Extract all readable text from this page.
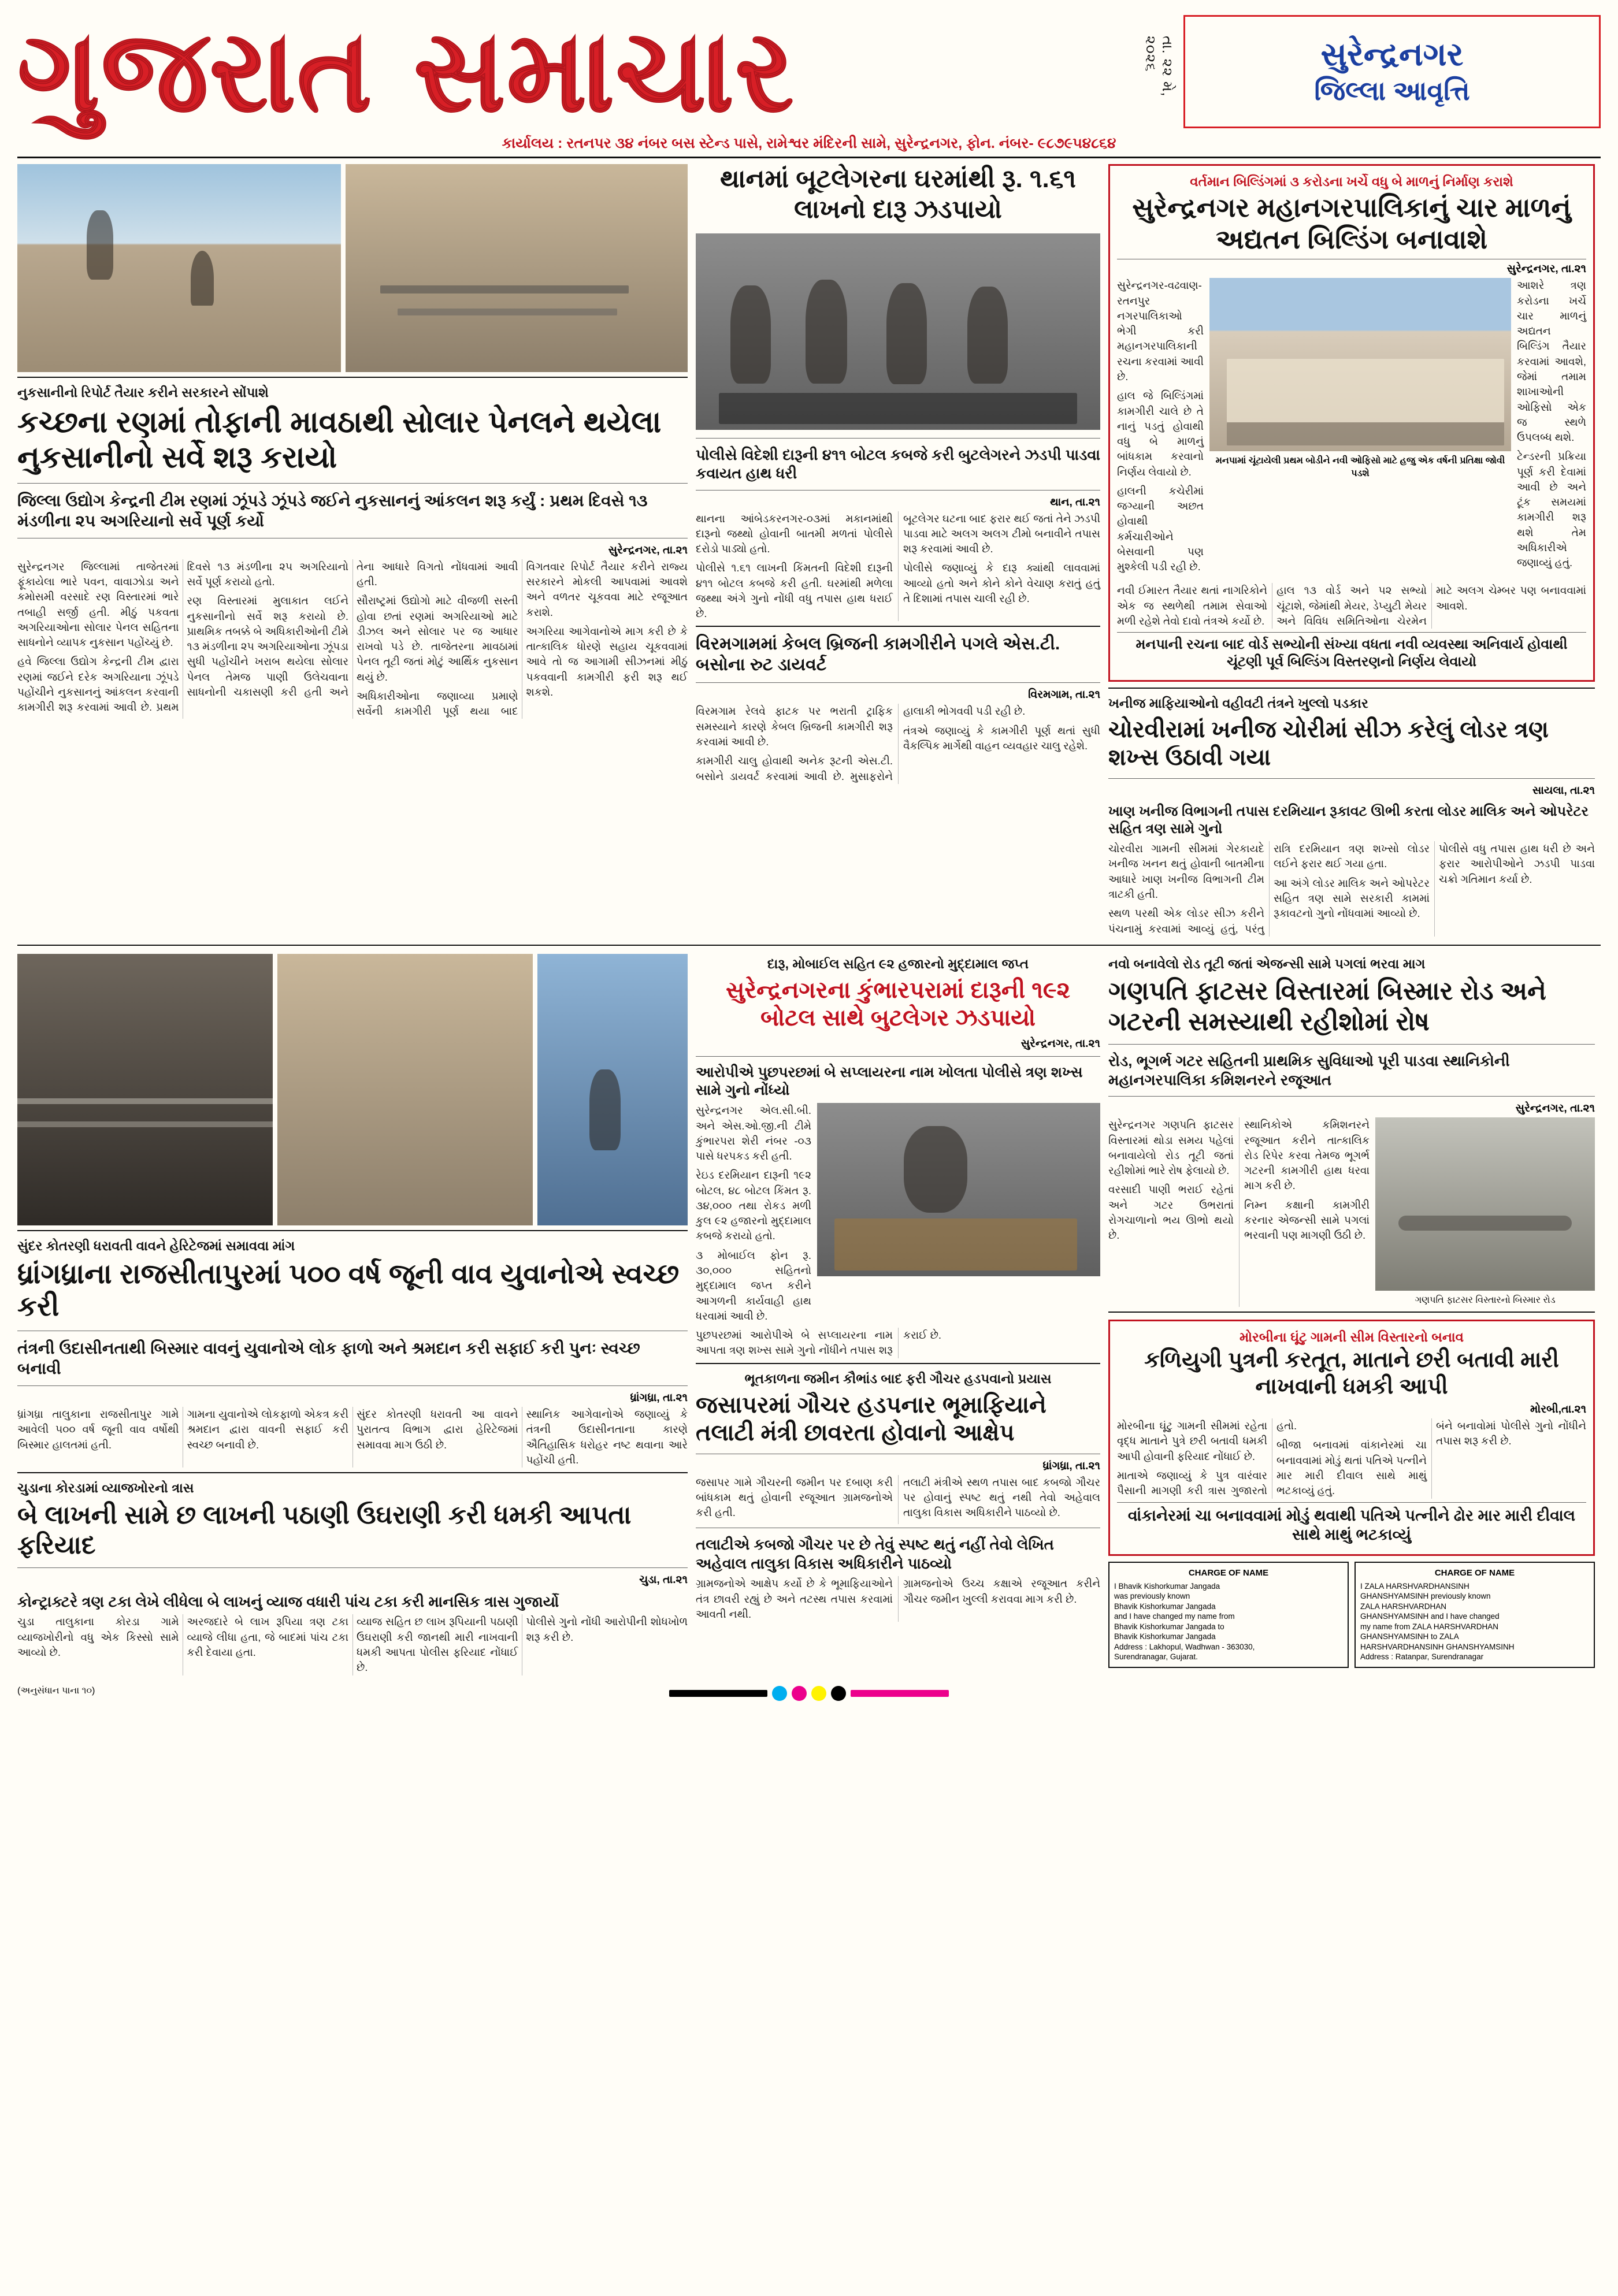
ગુજરાત સમાચાર	તા. ૨૨ મે, ૨૦૨૬	સુરેન્દ્રનગર
જિલ્લા આવૃત્તિ
કાર્યાલય : રતનપર ૩૪ નંબર બસ સ્ટેન્ડ પાસે, રામેશ્વર મંદિરની સામે, સુરેન્દ્રનગર, ફોન. નંબર- ૯૮૭૯૫૪૮૬૪
નુકસાનીનો રિપોર્ટ તૈયાર કરીને સરકારને સોંપાશે
કચ્છના રણમાં તોફાની માવઠાથી સોલાર પેનલને થયેલા નુકસાનીનો સર્વે શરૂ કરાયો
જિલ્લા ઉદ્યોગ કેન્દ્રની ટીમ રણમાં ઝૂંપડે ઝૂંપડે જઈને નુકસાનનું આંકલન શરૂ કર્યું : પ્રથમ દિવસે ૧૩ મંડળીના ૨૫ અગરિયાનો સર્વે પૂર્ણ કર્યો
સુરેન્દ્રનગર, તા.૨૧

સુરેન્દ્રનગર જિલ્લામાં તાજેતરમાં ફૂંકાયેલા ભારે પવન, વાવાઝોડા અને કમોસમી વરસાદે રણ વિસ્તારમાં ભારે તબાહી સર્જી હતી. મીઠું પકવતા અગરિયાઓના સોલાર પેનલ સહિતના સાધનોને વ્યાપક નુકસાન પહોંચ્યું છે.

હવે જિલ્લા ઉદ્યોગ કેન્દ્રની ટીમ દ્વારા રણમાં જઈને દરેક અગરિયાના ઝૂંપડે પહોંચીને નુકસાનનું આંકલન કરવાની કામગીરી શરૂ કરવામાં આવી છે. પ્રથમ દિવસે ૧૩ મંડળીના ૨૫ અગરિયાનો સર્વે પૂર્ણ કરાયો હતો.

રણ વિસ્તારમાં મુલાકાત લઈને નુકસાનીનો સર્વે શરૂ કરાયો છે. પ્રાથમિક તબક્કે બે અધિકારીઓની ટીમે ૧૩ મંડળીના ૨૫ અગરિયાઓના ઝૂંપડા સુધી પહોંચીને ખરાબ થયેલા સોલાર પેનલ તેમજ પાણી ઉલેચવાના સાધનોની ચકાસણી કરી હતી અને તેના આધારે વિગતો નોંધવામાં આવી હતી.

સૌરાષ્ટ્રમાં ઉદ્યોગો માટે વીજળી સસ્તી હોવા છતાં રણમાં અગરિયાઓ માટે ડીઝલ અને સોલાર પર જ આધાર રાખવો પડે છે. તાજેતરના માવઠામાં પેનલ તૂટી જતાં મોટું આર્થિક નુકસાન થયું છે.

અધિકારીઓના જણાવ્યા પ્રમાણે સર્વેની કામગીરી પૂર્ણ થયા બાદ વિગતવાર રિપોર્ટ તૈયાર કરીને રાજ્ય સરકારને મોકલી આપવામાં આવશે અને વળતર ચૂકવવા માટે રજૂઆત કરાશે.

અગરિયા આગેવાનોએ માગ કરી છે કે તાત્કાલિક ધોરણે સહાય ચૂકવવામાં આવે તો જ આગામી સીઝનમાં મીઠું પકવવાની કામગીરી ફરી શરૂ થઈ શકશે.

થાનમાં બૂટલેગરના ઘરમાંથી રૂ. ૧.૬૧ લાખનો દારૂ ઝડપાયો
પોલીસે વિદેશી દારૂની ૪૧૧ બોટલ કબજે કરી બુટલેગરને ઝડપી પાડવા કવાયત હાથ ધરી
થાન, તા.૨૧

થાનના આંબેડકરનગર-૦૩માં મકાનમાંથી દારૂનો જથ્થો હોવાની બાતમી મળતાં પોલીસે દરોડો પાડ્યો હતો.

પોલીસે ૧.૬૧ લાખની કિંમતની વિદેશી દારૂની ૪૧૧ બોટલ કબજે કરી હતી. ઘરમાંથી મળેલા જથ્થા અંગે ગુનો નોંધી વધુ તપાસ હાથ ધરાઈ છે.

બૂટલેગર ઘટના બાદ ફરાર થઈ જતાં તેને ઝડપી પાડવા માટે અલગ અલગ ટીમો બનાવીને તપાસ શરૂ કરવામાં આવી છે.

પોલીસે જણાવ્યું કે દારૂ ક્યાંથી લાવવામાં આવ્યો હતો અને કોને કોને વેચાણ કરાતું હતું તે દિશામાં તપાસ ચાલી રહી છે.

વિરમગામમાં કેબલ બ્રિજની કામગીરીને પગલે એસ.ટી. બસોના રુટ ડાયવર્ટ
વિરમગામ, તા.૨૧

વિરમગામ રેલવે ફાટક પર ભરાતી ટ્રાફિક સમસ્યાને કારણે કેબલ બ્રિજની કામગીરી શરૂ કરવામાં આવી છે.

કામગીરી ચાલુ હોવાથી અનેક રૂટની એસ.ટી. બસોને ડાયવર્ટ કરવામાં આવી છે. મુસાફરોને હાલાકી ભોગવવી પડી રહી છે.

તંત્રએ જણાવ્યું કે કામગીરી પૂર્ણ થતાં સુધી વૈકલ્પિક માર્ગેથી વાહન વ્યવહાર ચાલુ રહેશે.

વર્તમાન બિલ્ડિંગમાં ૩ કરોડના ખર્ચે વધુ બે માળનું નિર્માણ કરાશે
સુરેન્દ્રનગર મહાનગરપાલિકાનું ચાર માળનું અદ્યતન બિલ્ડિંગ બનાવાશે
સુરેન્દ્રનગર, તા.૨૧

સુરેન્દ્રનગર-વઢવાણ-રતનપુર નગરપાલિકાઓ ભેગી કરી મહાનગરપાલિકાની રચના કરવામાં આવી છે.

હાલ જે બિલ્ડિંગમાં કામગીરી ચાલે છે તે નાનું પડતું હોવાથી વધુ બે માળનું બાંધકામ કરવાનો નિર્ણય લેવાયો છે.

હાલની કચેરીમાં જગ્યાની અછત હોવાથી કર્મચારીઓને બેસવાની પણ મુશ્કેલી પડી રહી છે.

મનપામાં ચૂંટાયેલી પ્રથમ બોડીને નવી ઓફિસો માટે હજુ એક વર્ષની પ્રતિક્ષા જોવી પડશે

આશરે ત્રણ કરોડના ખર્ચે ચાર માળનું અદ્યતન બિલ્ડિંગ તૈયાર કરવામાં આવશે, જેમાં તમામ શાખાઓની ઓફિસો એક જ સ્થળે ઉપલબ્ધ થશે.

ટેન્ડરની પ્રક્રિયા પૂર્ણ કરી દેવામાં આવી છે અને ટૂંક સમયમાં કામગીરી શરૂ થશે તેમ અધિકારીએ જણાવ્યું હતું.

નવી ઈમારત તૈયાર થતાં નાગરિકોને એક જ સ્થળેથી તમામ સેવાઓ મળી રહેશે તેવો દાવો તંત્રએ કર્યો છે.

હાલ ૧૩ વોર્ડ અને ૫૨ સભ્યો ચૂંટાશે, જેમાંથી મેયર, ડેપ્યુટી મેયર અને વિવિધ સમિતિઓના ચેરમેન માટે અલગ ચેમ્બર પણ બનાવવામાં આવશે.

મનપાની રચના બાદ વોર્ડ સભ્યોની સંખ્યા વધતા નવી વ્યવસ્થા અનિવાર્ય હોવાથી ચૂંટણી પૂર્વ બિલ્ડિંગ વિસ્તરણનો નિર્ણય લેવાયો
ખનીજ માફિયાઓનો વહીવટી તંત્રને ખુલ્લો પડકાર
ચોરવીરામાં ખનીજ ચોરીમાં સીઝ કરેલું લોડર ત્રણ શખ્સ ઉઠાવી ગયા
સાયલા, તા.૨૧
ખાણ ખનીજ વિભાગની તપાસ દરમિયાન રૂકાવટ ઊભી કરતા લોડર માલિક અને ઓપરેટર સહિત ત્રણ સામે ગુનો

ચોરવીરા ગામની સીમમાં ગેરકાયદે ખનીજ ખનન થતું હોવાની બાતમીના આધારે ખાણ ખનીજ વિભાગની ટીમ ત્રાટકી હતી.

સ્થળ પરથી એક લોડર સીઝ કરીને પંચનામું કરવામાં આવ્યું હતું, પરંતુ રાત્રિ દરમિયાન ત્રણ શખ્સો લોડર લઈને ફરાર થઈ ગયા હતા.

આ અંગે લોડર માલિક અને ઓપરેટર સહિત ત્રણ સામે સરકારી કામમાં રૂકાવટનો ગુનો નોંધવામાં આવ્યો છે.

પોલીસે વધુ તપાસ હાથ ધરી છે અને ફરાર આરોપીઓને ઝડપી પાડવા ચક્રો ગતિમાન કર્યા છે.

સુંદર કોતરણી ધરાવતી વાવને હેરિટેજમાં સમાવવા માંગ
ધ્રાંગધ્રાના રાજસીતાપુરમાં ૫૦૦ વર્ષ જૂની વાવ યુવાનોએ સ્વચ્છ કરી
તંત્રની ઉદાસીનતાથી બિસ્માર વાવનું યુવાનોએ લોક ફાળો અને શ્રમદાન કરી સફાઈ કરી પુનઃ સ્વચ્છ બનાવી
ધ્રાંગધ્રા, તા.૨૧

ધ્રાંગધ્રા તાલુકાના રાજસીતાપુર ગામે આવેલી ૫૦૦ વર્ષ જૂની વાવ વર્ષોથી બિસ્માર હાલતમાં હતી.

ગામના યુવાનોએ લોકફાળો એકત્ર કરી શ્રમદાન દ્વારા વાવની સફાઈ કરી સ્વચ્છ બનાવી છે.

સુંદર કોતરણી ધરાવતી આ વાવને પુરાતત્વ વિભાગ દ્વારા હેરિટેજમાં સમાવવા માગ ઉઠી છે.

સ્થાનિક આગેવાનોએ જણાવ્યું કે તંત્રની ઉદાસીનતાના કારણે ઐતિહાસિક ધરોહર નષ્ટ થવાના આરે પહોંચી હતી.

ચુડાના કોરડામાં વ્યાજખોરનો ત્રાસ
બે લાખની સામે છ લાખની પઠાણી ઉઘરાણી કરી ધમકી આપતા ફરિયાદ
ચુડા, તા.૨૧
કોન્ટ્રાક્ટરે ત્રણ ટકા લેખે લીધેલા બે લાખનું વ્યાજ વધારી પાંચ ટકા કરી માનસિક ત્રાસ ગુજાર્યો

ચુડા તાલુકાના કોરડા ગામે વ્યાજખોરીનો વધુ એક કિસ્સો સામે આવ્યો છે.

અરજદારે બે લાખ રૂપિયા ત્રણ ટકા વ્યાજે લીધા હતા, જે બાદમાં પાંચ ટકા કરી દેવાયા હતા.

વ્યાજ સહિત છ લાખ રૂપિયાની પઠાણી ઉઘરાણી કરી જાનથી મારી નાખવાની ધમકી આપતા પોલીસ ફરિયાદ નોંધાઈ છે.

પોલીસે ગુનો નોંધી આરોપીની શોધખોળ શરૂ કરી છે.

દારૂ, મોબાઈલ સહિત ૯૨ હજારનો મુદ્દામાલ જપ્ત
સુરેન્દ્રનગરના કુંભારપરામાં દારૂની ૧૯૨ બોટલ સાથે બુટલેગર ઝડપાયો
સુરેન્દ્રનગર, તા.૨૧
આરોપીએ પુછપરછમાં બે સપ્લાયરના નામ ખોલતા પોલીસે ત્રણ શખ્સ સામે ગુનો નોંધ્યો

સુરેન્દ્રનગર એલ.સી.બી. અને એસ.ઓ.જી.ની ટીમે કુંભારપરા શેરી નંબર -૦૩ પાસે ધરપકડ કરી હતી.

રેઇડ દરમિયાન દારૂની ૧૯૨ બોટલ, ૪૮ બોટલ કિંમત રૂ. ૩૪,૦૦૦ તથા રોકડ મળી કુલ ૯૨ હજારનો મુદ્દામાલ કબજે કરાયો હતો.

૩ મોબાઈલ ફોન રૂ. ૩૦,૦૦૦ સહિતનો મુદ્દામાલ જપ્ત કરીને આગળની કાર્યવાહી હાથ ધરવામાં આવી છે.

પુછપરછમાં આરોપીએ બે સપ્લાયરના નામ આપતા ત્રણ શખ્સ સામે ગુનો નોંધીને તપાસ શરૂ કરાઈ છે.

ભૂતકાળના જમીન કૌભાંડ બાદ ફરી ગૌચર હડપવાનો પ્રયાસ
જસાપરમાં ગૌચર હડપનાર ભૂમાફિયાને તલાટી મંત્રી છાવરતા હોવાનો આક્ષેપ
ધ્રાંગધ્રા, તા.૨૧

જસાપર ગામે ગૌચરની જમીન પર દબાણ કરી બાંધકામ થતું હોવાની રજૂઆત ગ્રામજનોએ કરી હતી.

તલાટી મંત્રીએ સ્થળ તપાસ બાદ કબજો ગૌચર પર હોવાનું સ્પષ્ટ થતું નથી તેવો અહેવાલ તાલુકા વિકાસ અધિકારીને પાઠવ્યો છે.

તલાટીએ કબજો ગૌચર પર છે તેવું સ્પષ્ટ થતું નહીં તેવો લેખિત અહેવાલ તાલુકા વિકાસ અધિકારીને પાઠવ્યો

ગ્રામજનોએ આક્ષેપ કર્યો છે કે ભૂમાફિયાઓને તંત્ર છાવરી રહ્યું છે અને તટસ્થ તપાસ કરવામાં આવતી નથી.

ગ્રામજનોએ ઉચ્ચ કક્ષાએ રજૂઆત કરીને ગૌચર જમીન ખુલ્લી કરાવવા માગ કરી છે.

નવો બનાવેલો રોડ તૂટી જતાં એજન્સી સામે પગલાં ભરવા માગ
ગણપતિ ફાટસર વિસ્તારમાં બિસ્માર રોડ અને ગટરની સમસ્યાથી રહીશોમાં રોષ
રોડ, ભૂગર્ભ ગટર સહિતની પ્રાથમિક સુવિધાઓ પૂરી પાડવા સ્થાનિકોની મહાનગરપાલિકા કમિશનરને રજૂઆત
સુરેન્દ્રનગર, તા.૨૧

સુરેન્દ્રનગર ગણપતિ ફાટસર વિસ્તારમાં થોડા સમય પહેલાં બનાવાયેલો રોડ તૂટી જતાં રહીશોમાં ભારે રોષ ફેલાયો છે.

વરસાદી પાણી ભરાઈ રહેતાં અને ગટર ઉભરાતાં રોગચાળાનો ભય ઊભો થયો છે.

સ્થાનિકોએ કમિશનરને રજૂઆત કરીને તાત્કાલિક રોડ રિપેર કરવા તેમજ ભૂગર્ભ ગટરની કામગીરી હાથ ધરવા માગ કરી છે.

નિમ્ન કક્ષાની કામગીરી કરનાર એજન્સી સામે પગલાં ભરવાની પણ માગણી ઉઠી છે.

ગણપતિ ફાટસર વિસ્તારનો બિસ્માર રોડ
મોરબીના ઘૂંટુ ગામની સીમ વિસ્તારનો બનાવ
કળિયુગી પુત્રની કરતૂત, માતાને છરી બતાવી મારી નાખવાની ધમકી આપી
મોરબી,તા.૨૧

મોરબીના ઘૂંટુ ગામની સીમમાં રહેતા વૃદ્ધ માતાને પુત્રે છરી બતાવી ધમકી આપી હોવાની ફરિયાદ નોંધાઈ છે.

માતાએ જણાવ્યું કે પુત્ર વારંવાર પૈસાની માગણી કરી ત્રાસ ગુજારતો હતો.

બીજા બનાવમાં વાંકાનેરમાં ચા બનાવવામાં મોડું થતાં પતિએ પત્નીને માર મારી દીવાલ સાથે માથું ભટકાવ્યું હતું.

બંને બનાવોમાં પોલીસે ગુનો નોંધીને તપાસ શરૂ કરી છે.

વાંકાનેરમાં ચા બનાવવામાં મોડું થવાથી પતિએ પત્નીને ઢોર માર મારી દીવાલ સાથે માથું ભટકાવ્યું
CHARGE OF NAME
I Bhavik Kishorkumar Jangada
was previously known
Bhavik Kishorkumar Jangada
and I have changed my name from
Bhavik Kishorkumar Jangada to
Bhavik Kishorkumar Jangada
Address : Lakhopul, Wadhwan - 363030,
Surendranagar, Gujarat.
CHARGE OF NAME
I ZALA HARSHVARDHANSINH
GHANSHYAMSINH previously known
ZALA HARSHVARDHAN
GHANSHYAMSINH and I have changed
my name from ZALA HARSHVARDHAN
GHANSHYAMSINH to ZALA
HARSHVARDHANSINH GHANSHYAMSINH
Address : Ratanpar, Surendranagar
(અનુસંધાન પાના ૧૦)
